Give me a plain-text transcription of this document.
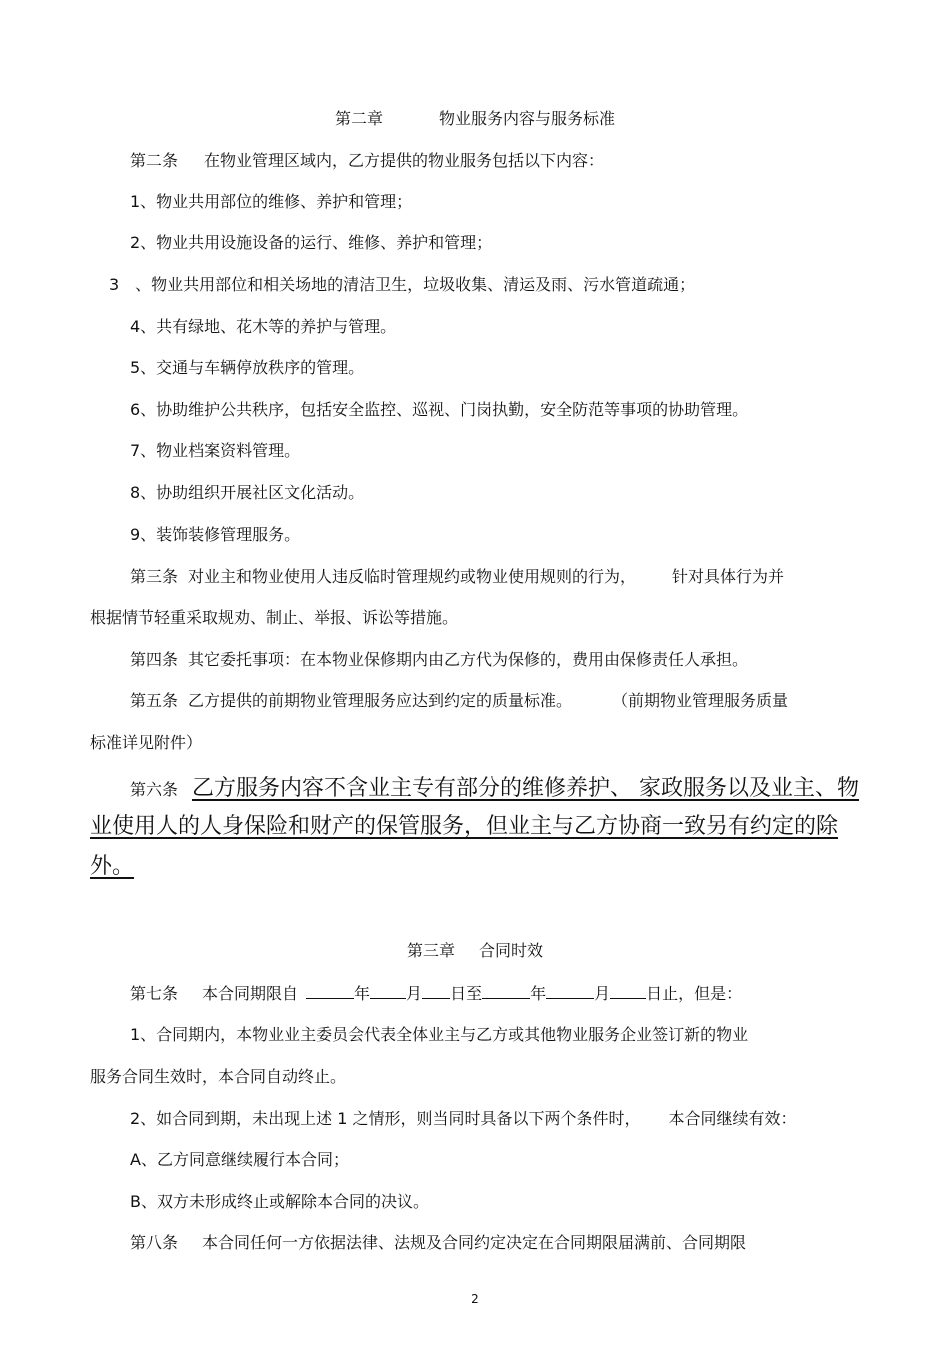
第二章	物业服务内容与服务标准
第二条 在物业管理区域内，乙方提供的物业服务包括以下内容：
1、物业共用部位的维修、养护和管理；
2、物业共用设施设备的运行、维修、养护和管理；
3　、物业共用部位和相关场地的清洁卫生，垃圾收集、清运及雨、污水管道疏通；
4、共有绿地、花木等的养护与管理。
5、交通与车辆停放秩序的管理。
6、协助维护公共秩序，包括安全监控、巡视、门岗执勤，安全防范等事项的协助管理。
7、物业档案资料管理。
8、协助组织开展社区文化活动。
9、装饰装修管理服务。
第三条 对业主和物业使用人违反临时管理规约或物业使用规则的行为， 针对具体行为并
根据情节轻重采取规劝、制止、举报、诉讼等措施。
第四条 其它委托事项：在本物业保修期内由乙方代为保修的，费用由保修责任人承担。
第五条 乙方提供的前期物业管理服务应达到约定的质量标准。	（前期物业管理服务质量
标准详见附件）
第六条 乙方服务内容不含业主专有部分的维修养护、 家政服务以及业主、物
业使用人的人身保险和财产的保管服务，但业主与乙方协商一致另有约定的除
外。
第三章 合同时效
第七条 本合同期限自	年 月 日至	年	月 日止，但是：
1、合同期内，本物业业主委员会代表全体业主与乙方或其他物业服务企业签订新的物业
服务合同生效时，本合同自动终止。
2、如合同到期，未出现上述 1 之情形，则当同时具备以下两个条件时， 本合同继续有效：
A、乙方同意继续履行本合同；
B、双方未形成终止或解除本合同的决议。
第八条 本合同任何一方依据法律、法规及合同约定决定在合同期限届满前、合同期限
2
